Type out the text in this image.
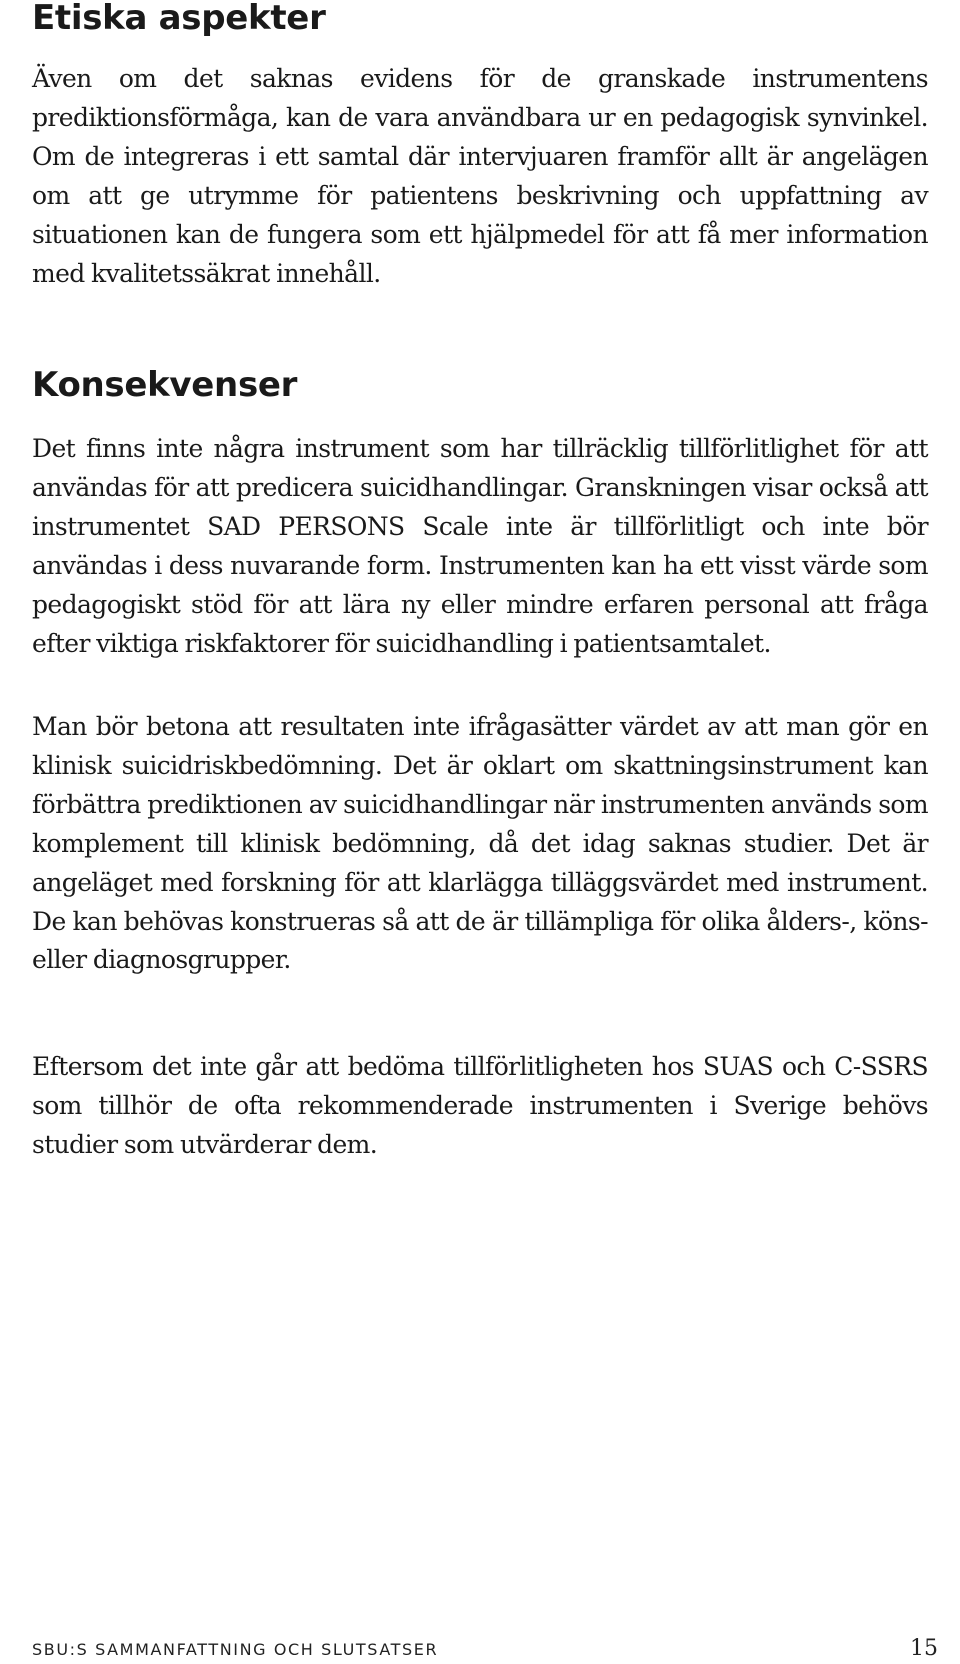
Etiska aspekter

Även om det saknas evidens för de granskade instrumentens prediktionsförmåga, kan de vara användbara ur en pedagogisk synvinkel. Om de integreras i ett samtal där intervjuaren framför allt är angelägen om att ge utrymme för patientens beskrivning och uppfattning av situationen kan de fungera som ett hjälpmedel för att få mer information med kvalitetssäkrat innehåll.

Konsekvenser

Det finns inte några instrument som har tillräcklig tillförlitlighet för att användas för att predicera suicidhandlingar. Granskningen visar också att instrumentet SAD PERSONS Scale inte är tillförlitligt och inte bör användas i dess nuvarande form. Instrumenten kan ha ett visst värde som pedagogiskt stöd för att lära ny eller mindre erfaren personal att fråga efter viktiga riskfaktorer för suicidhandling i patientsamtalet.

Man bör betona att resultaten inte ifrågasätter värdet av att man gör en klinisk suicidriskbedömning. Det är oklart om skattningsinstrument kan förbättra prediktionen av suicidhandlingar när instrumenten används som komplement till klinisk bedömning, då det idag saknas studier. Det är angeläget med forskning för att klarlägga tilläggsvärdet med instrument. De kan behövas konstrueras så att de är tillämpliga för olika ålders-, köns- eller diagnosgrupper.

Eftersom det inte går att bedöma tillförlitligheten hos SUAS och C-SSRS som tillhör de ofta rekommenderade instrumenten i Sverige behövs studier som utvärderar dem.

SBU:S SAMMANFATTNING OCH SLUTSATSER	15
